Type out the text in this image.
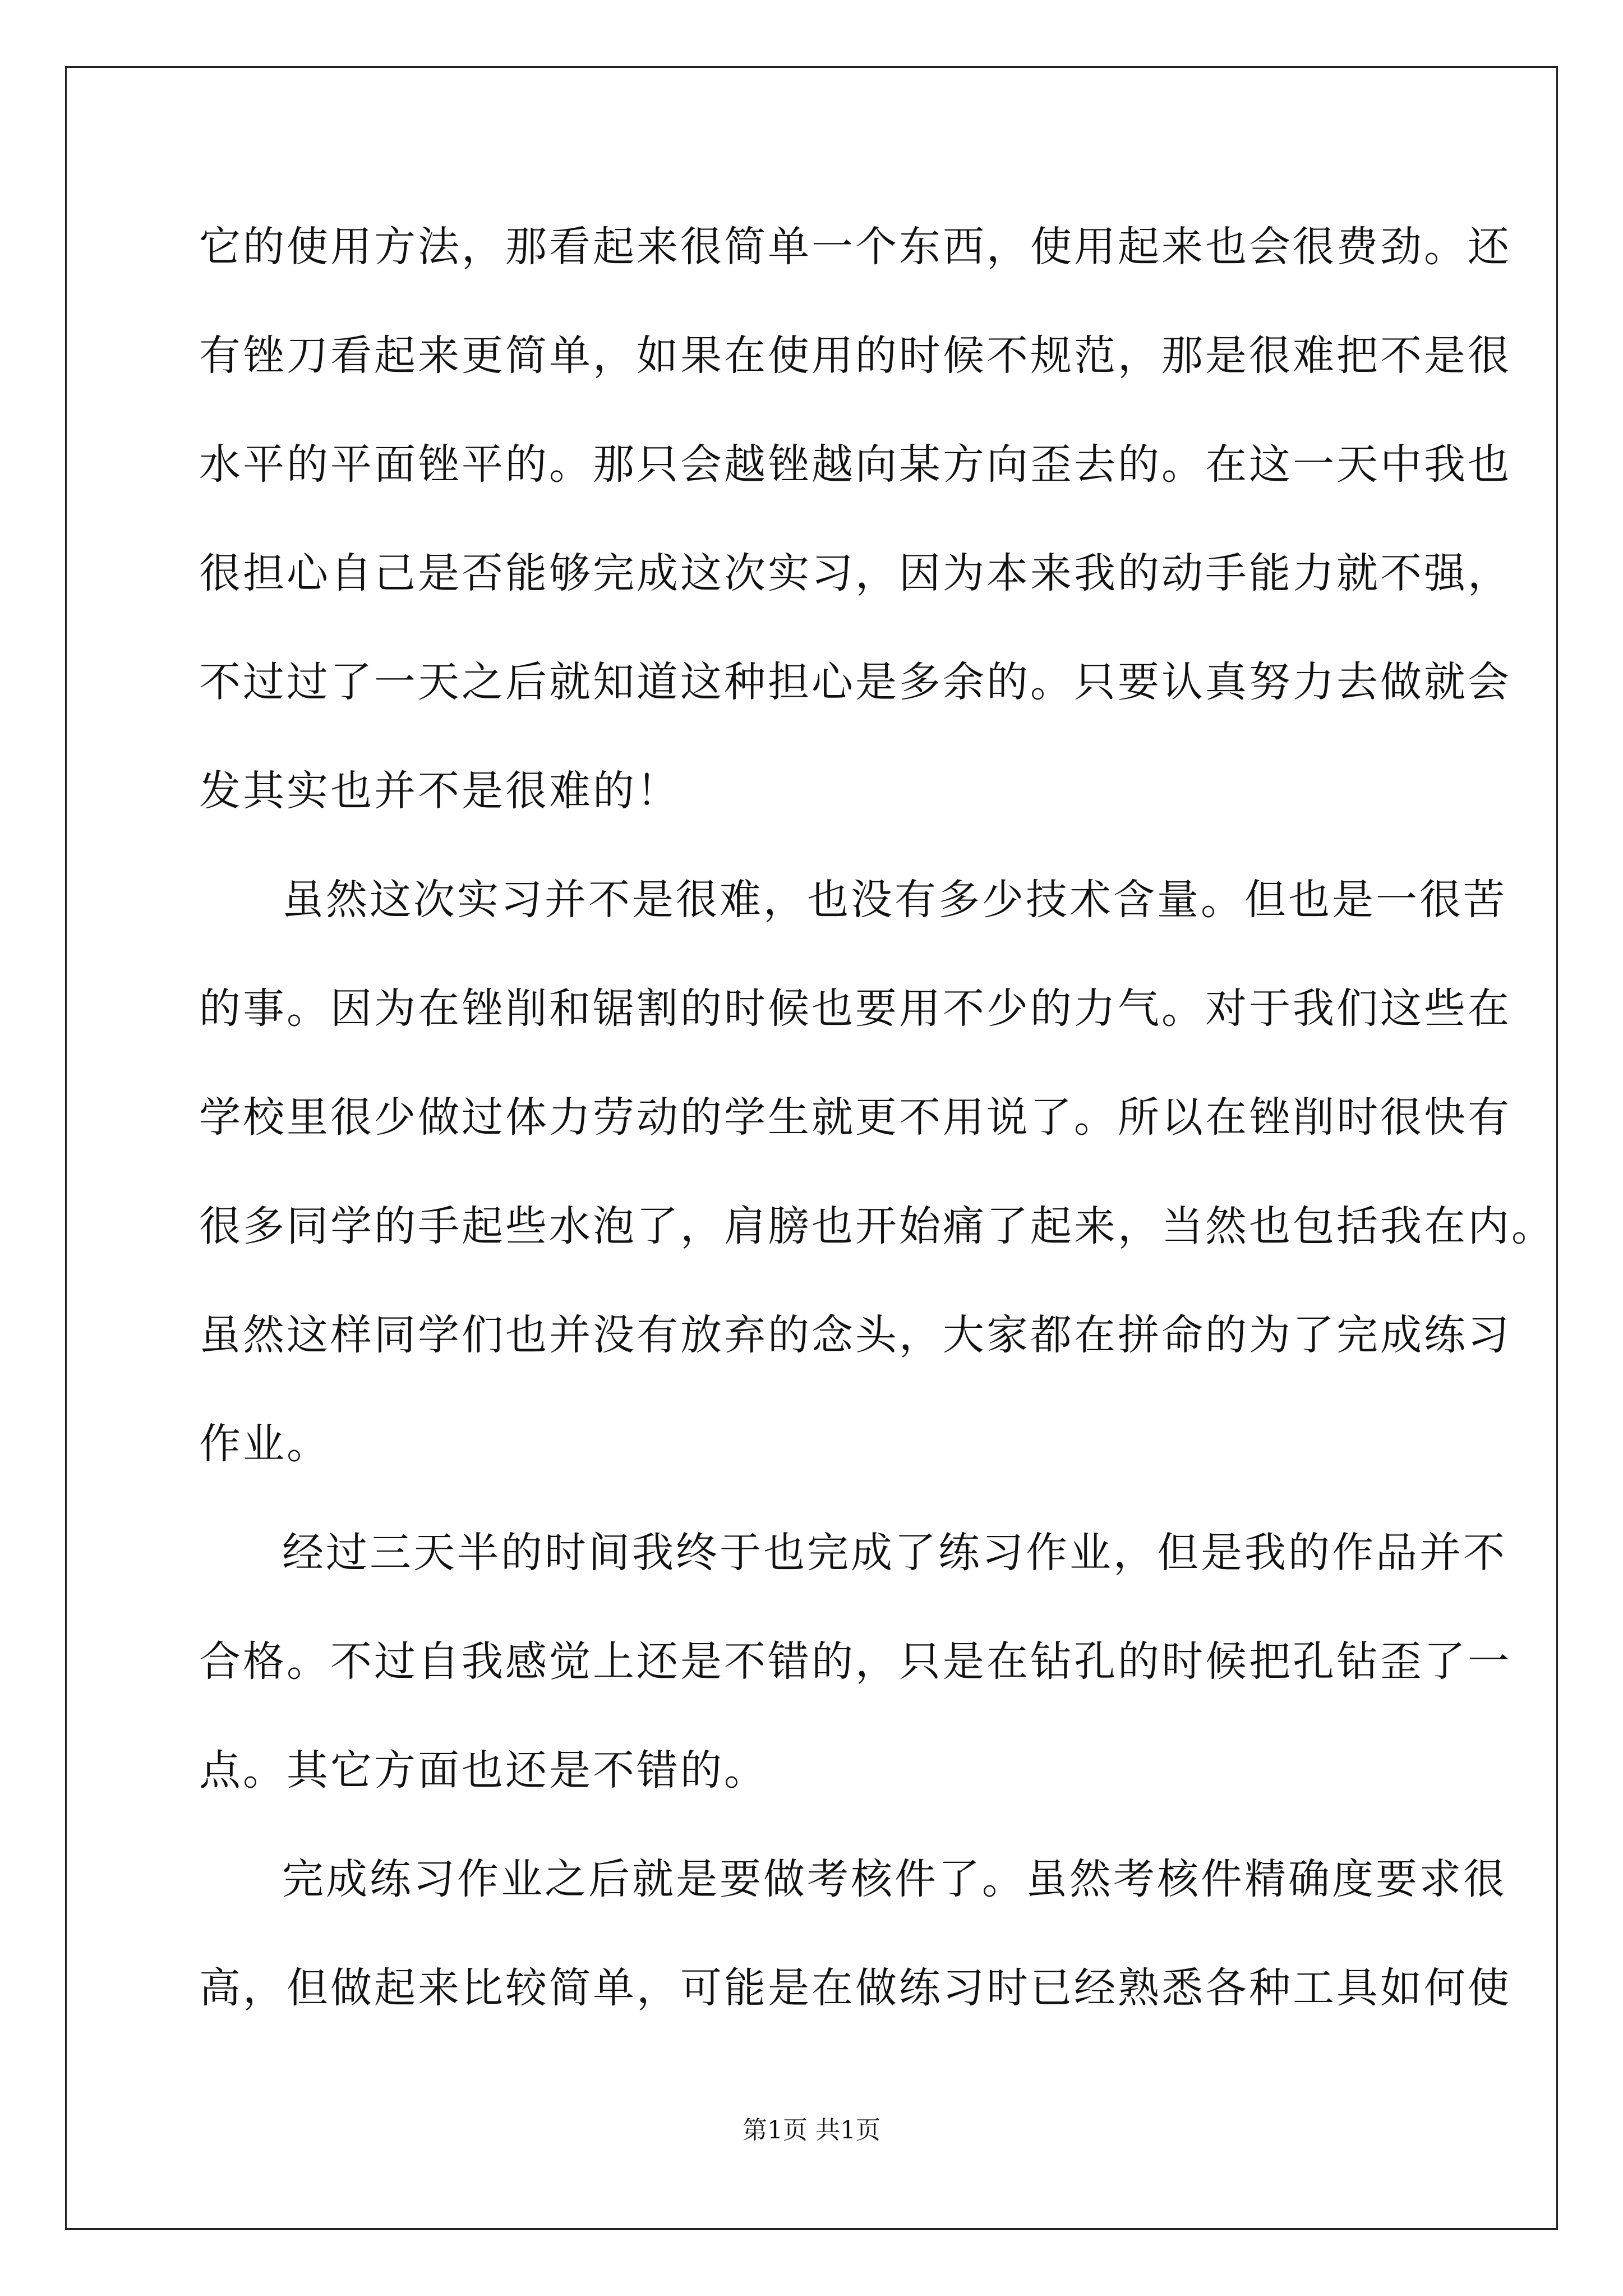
它的使用方法，那看起来很简单一个东西，使用起来也会很费劲。还
有锉刀看起来更简单，如果在使用的时候不规范，那是很难把不是很
水平的平面锉平的。那只会越锉越向某方向歪去的。在这一天中我也
很担心自己是否能够完成这次实习，因为本来我的动手能力就不强，
不过过了一天之后就知道这种担心是多余的。只要认真努力去做就会
发其实也并不是很难的！
虽然这次实习并不是很难，也没有多少技术含量。但也是一很苦
的事。因为在锉削和锯割的时候也要用不少的力气。对于我们这些在
学校里很少做过体力劳动的学生就更不用说了。所以在锉削时很快有
很多同学的手起些水泡了，肩膀也开始痛了起来，当然也包括我在内。
虽然这样同学们也并没有放弃的念头，大家都在拼命的为了完成练习
作业。
经过三天半的时间我终于也完成了练习作业，但是我的作品并不
合格。不过自我感觉上还是不错的，只是在钻孔的时候把孔钻歪了一
点。其它方面也还是不错的。
完成练习作业之后就是要做考核件了。虽然考核件精确度要求很
高，但做起来比较简单，可能是在做练习时已经熟悉各种工具如何使
第1页 共1页
